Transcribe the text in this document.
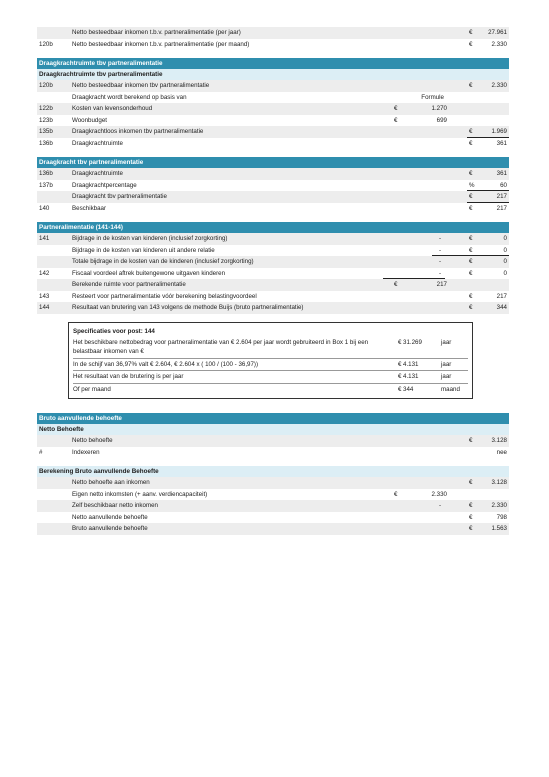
Netto besteedbaar inkomen t.b.v. partneralimentatie (per jaar)	€	27.961
120b	Netto besteedbaar inkomen t.b.v. partneralimentatie (per maand)	€	2.330
Draagkrachtruimte tbv partneralimentatie
Draagkrachtruimte tbv partneralimentatie
120b	Netto besteedbaar inkomen tbv partneralimentatie	€	2.330
Draagkracht wordt berekend op basis van	Formule
122b	Kosten van levensonderhoud	€	1.270
123b	Woonbudget	€	699
135b	Draagkrachtloos inkomen tbv partneralimentatie	€	1.969
136b	Draagkrachtruimte	€	361
Draagkracht tbv partneralimentatie
136b	Draagkrachtruimte	€	361
137b	Draagkrachtpercentage	%	60
Draagkracht tbv partneralimentatie	€	217
140	Beschikbaar	€	217
Partneralimentatie (141-144)
141	Bijdrage in de kosten van kinderen (inclusief zorgkorting)	-	€	0
Bijdrage in de kosten van kinderen uit andere relatie	-	€	0
Totale bijdrage in de kosten van de kinderen (inclusief zorgkorting)	-	€	0
142	Fiscaal voordeel aftrek buitengewone uitgaven kinderen	-	€	0
Berekende ruimte voor partneralimentatie	€	217
143	Resteert voor partneralimentatie vóór berekening belastingvoordeel	€	217
144	Resultaat van brutering van 143 volgens de methode Buijs (bruto partneralimentatie)	€	344
Specificaties voor post: 144
Het beschikbare nettobedrag voor partneralimentatie van € 2.604 per jaar wordt gebruiteerd in Box 1 bij een belastbaar inkomen van €
€ 31.269	jaar
In de schijf van 36,97% valt € 2.604, € 2.604 x ( 100 / (100 - 36,97))	€ 4.131	jaar
Het resultaat van de brutering is per jaar	€ 4.131	jaar
Of per maand	€ 344	maand
Bruto aanvullende behoefte
Netto Behoefte
Netto behoefte	€	3.128
#	Indexeren	nee
Berekening Bruto aanvullende Behoefte
Netto behoefte aan inkomen	€	3.128
Eigen netto inkomsten (+ aanv. verdiencapaciteit)	€	2.330
Zelf beschikbaar netto inkomen	-	€	2.330
Netto aanvullende behoefte	€	798
Bruto aanvullende behoefte	€	1.563
